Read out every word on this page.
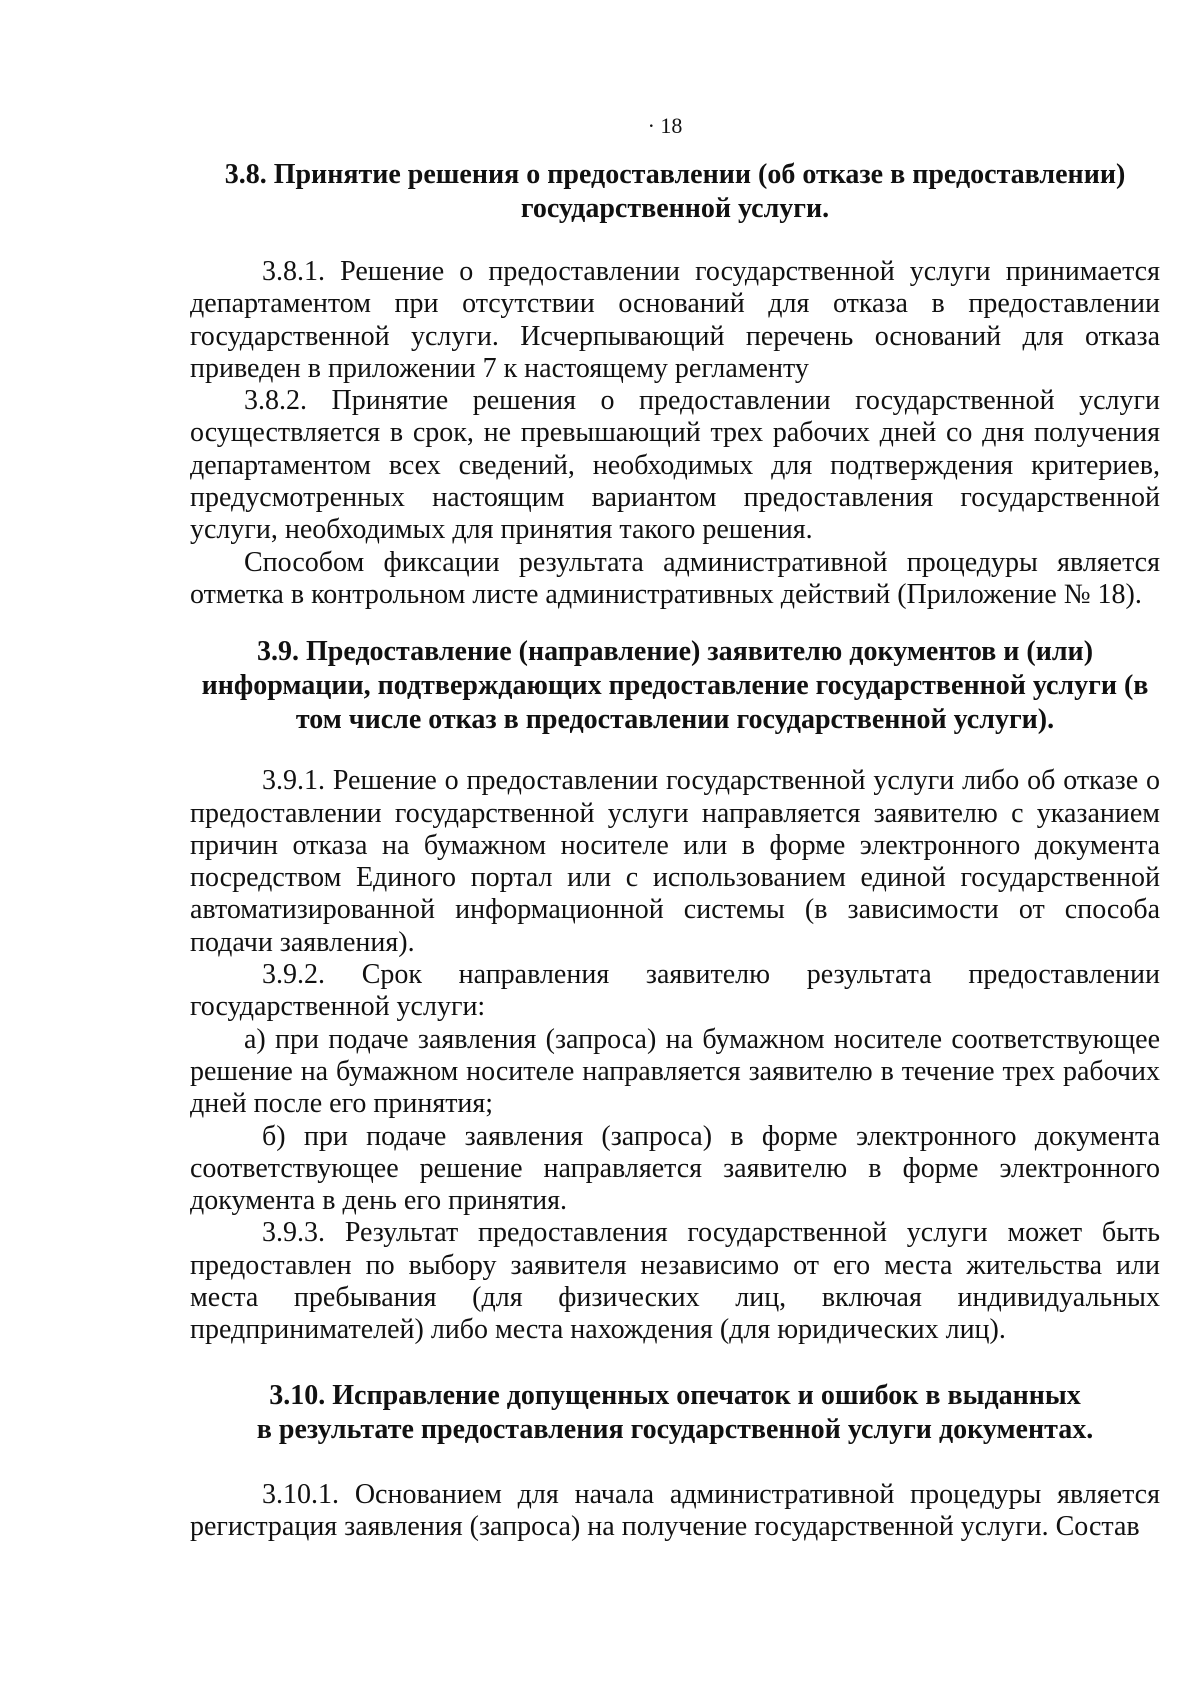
· 18
3.8. Принятие решения о предоставлении (об отказе в предоставлении)
государственной услуги.

3.8.1. Решение о предоставлении государственной услуги принимается департаментом при отсутствии оснований для отказа в предоставлении государственной услуги. Исчерпывающий перечень оснований для отказа приведен в приложении 7 к настоящему регламенту

3.8.2. Принятие решения о предоставлении государственной услуги осуществляется в срок, не превышающий трех рабочих дней со дня получения департаментом всех сведений, необходимых для подтверждения критериев, предусмотренных настоящим вариантом предоставления государственной услуги, необходимых для принятия такого решения.

Способом фиксации результата административной процедуры является отметка в контрольном листе административных действий (Приложение № 18).

3.9. Предоставление (направление) заявителю документов и (или)
информации, подтверждающих предоставление государственной услуги (в
том числе отказ в предоставлении государственной услуги).

3.9.1. Решение о предоставлении государственной услуги либо об отказе о предоставлении государственной услуги направляется заявителю с указанием причин отказа на бумажном носителе или в форме электронного документа посредством Единого портал или с использованием единой государственной автоматизированной информационной системы (в зависимости от способа подачи заявления).

3.9.2. Срок направления заявителю результата предоставлении государственной услуги:

а) при подаче заявления (запроса) на бумажном носителе соответствующее решение на бумажном носителе направляется заявителю в течение трех рабочих дней после его принятия;

б) при подаче заявления (запроса) в форме электронного документа соответствующее решение направляется заявителю в форме электронного документа в день его принятия.

3.9.3. Результат предоставления государственной услуги может быть предоставлен по выбору заявителя независимо от его места жительства или места пребывания (для физических лиц, включая индивидуальных предпринимателей) либо места нахождения (для юридических лиц).

3.10. Исправление допущенных опечаток и ошибок в выданных
в результате предоставления государственной услуги документах.

3.10.1. Основанием для начала административной процедуры является регистрация заявления (запроса) на получение государственной услуги. Состав
